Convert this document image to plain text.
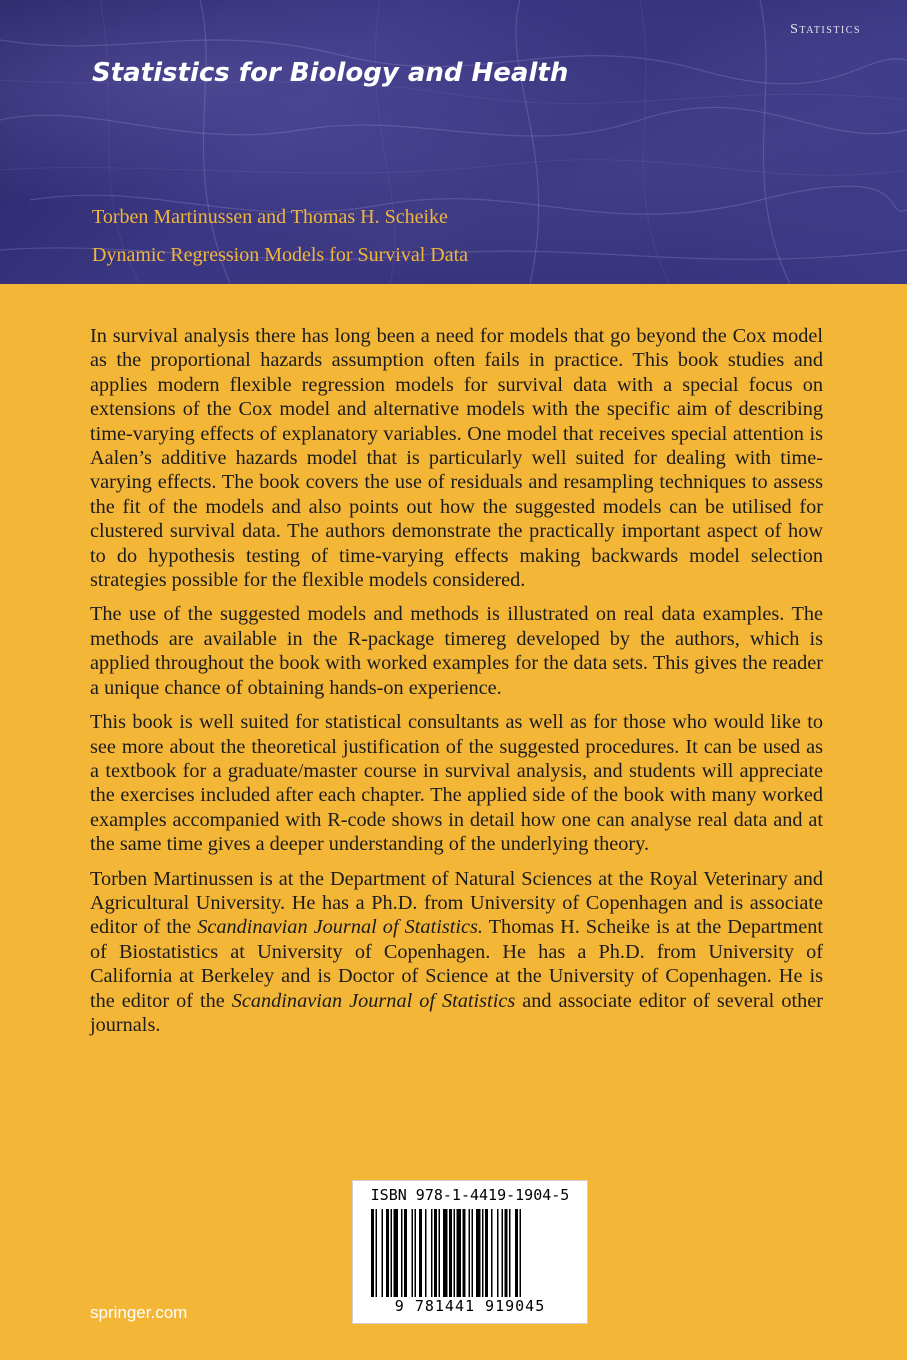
Statistics
Statistics for Biology and Health
Torben Martinussen and Thomas H. Scheike
Dynamic Regression Models for Survival Data

In survival analysis there has long been a need for models that go beyond the Cox model as the proportional hazards assumption often fails in practice. This book studies and applies modern flexible regression models for survival data with a special focus on extensions of the Cox model and alternative models with the specific aim of describing time-varying effects of explanatory variables. One model that receives special attention is Aalen’s additive hazards model that is particularly well suited for dealing with time-varying effects. The book covers the use of residuals and resampling techniques to assess the fit of the models and also points out how the suggested models can be utilised for clustered survival data. The authors demonstrate the practically important aspect of how to do hypothesis testing of time-varying effects making backwards model selection strategies possible for the flexible models considered.

The use of the suggested models and methods is illustrated on real data examples. The methods are available in the R-package timereg developed by the authors, which is applied throughout the book with worked examples for the data sets. This gives the reader a unique chance of obtaining hands-on experience.

This book is well suited for statistical consultants as well as for those who would like to see more about the theoretical justification of the suggested procedures. It can be used as a textbook for a graduate/master course in survival analysis, and students will appreciate the exercises included after each chapter. The applied side of the book with many worked examples accompanied with R-code shows in detail how one can analyse real data and at the same time gives a deeper understanding of the underlying theory.

Torben Martinussen is at the Department of Natural Sciences at the Royal Veterinary and Agricultural University. He has a Ph.D. from University of Copenhagen and is associate editor of the Scandinavian Journal of Statistics. Thomas H. Scheike is at the Department of Biostatistics at University of Copenhagen. He has a Ph.D. from University of California at Berkeley and is Doctor of Science at the University of Copenhagen. He is the editor of the Scandinavian Journal of Statistics and associate editor of several other journals.

ISBN 978-1-4419-1904-5
9 781441 919045
springer.com
